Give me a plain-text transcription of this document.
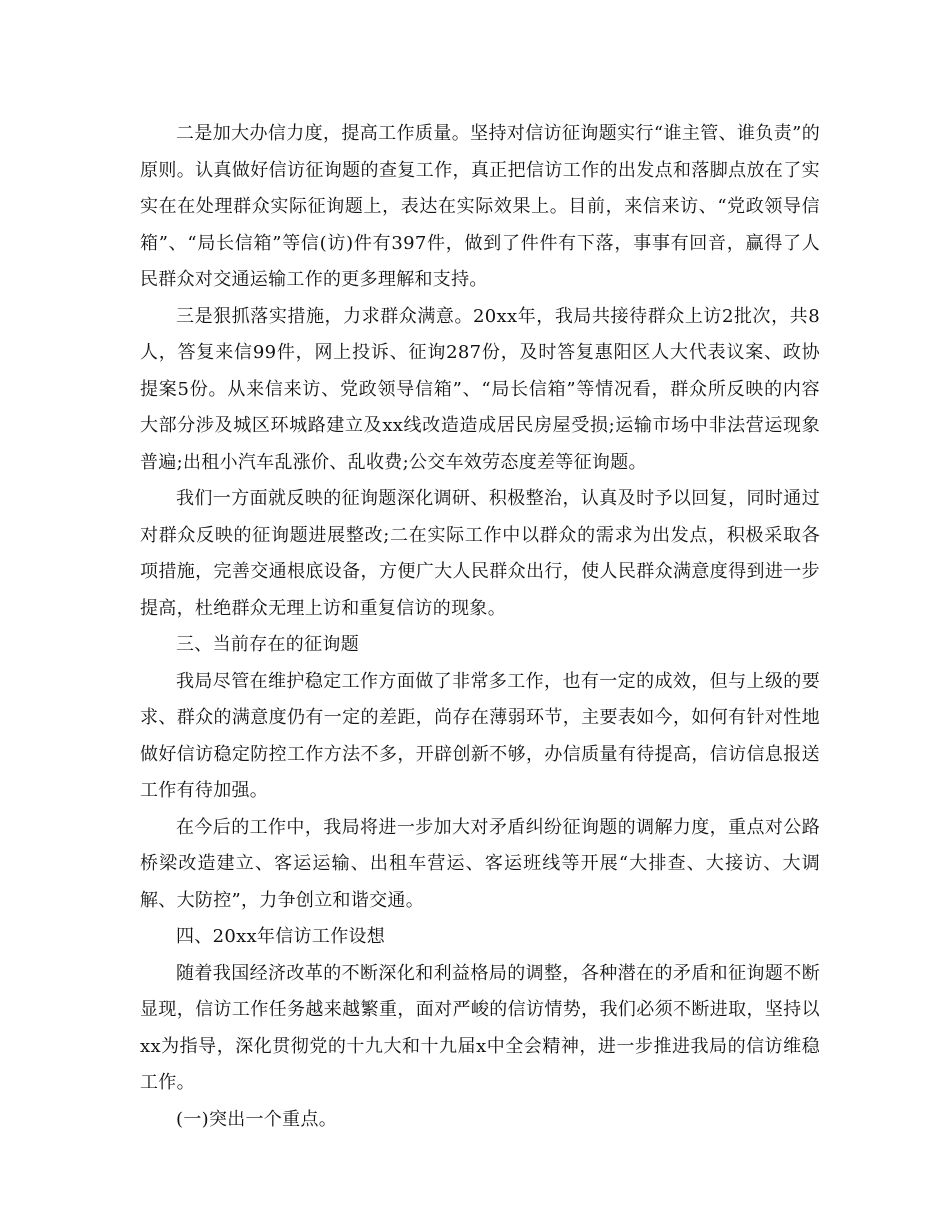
二是加大办信力度，提高工作质量。坚持对信访征询题实行“谁主管、谁负责”的原则。认真做好信访征询题的查复工作，真正把信访工作的出发点和落脚点放在了实实在在处理群众实际征询题上，表达在实际效果上。目前，来信来访、“党政领导信箱”、“局长信箱”等信(访)件有397件，做到了件件有下落，事事有回音，赢得了人民群众对交通运输工作的更多理解和支持。

三是狠抓落实措施，力求群众满意。20xx年，我局共接待群众上访2批次，共8人，答复来信99件，网上投诉、征询287份，及时答复惠阳区人大代表议案、政协提案5份。从来信来访、党政领导信箱”、“局长信箱”等情况看，群众所反映的内容大部分涉及城区环城路建立及xx线改造造成居民房屋受损;运输市场中非法营运现象普遍;出租小汽车乱涨价、乱收费;公交车效劳态度差等征询题。

我们一方面就反映的征询题深化调研、积极整治，认真及时予以回复，同时通过对群众反映的征询题进展整改;二在实际工作中以群众的需求为出发点，积极采取各项措施，完善交通根底设备，方便广大人民群众出行，使人民群众满意度得到进一步提高，杜绝群众无理上访和重复信访的现象。

三、当前存在的征询题

我局尽管在维护稳定工作方面做了非常多工作，也有一定的成效，但与上级的要求、群众的满意度仍有一定的差距，尚存在薄弱环节，主要表如今，如何有针对性地做好信访稳定防控工作方法不多，开辟创新不够，办信质量有待提高，信访信息报送工作有待加强。

在今后的工作中，我局将进一步加大对矛盾纠纷征询题的调解力度，重点对公路桥梁改造建立、客运运输、出租车营运、客运班线等开展“大排查、大接访、大调解、大防控”，力争创立和谐交通。

四、20xx年信访工作设想

随着我国经济改革的不断深化和利益格局的调整，各种潜在的矛盾和征询题不断显现，信访工作任务越来越繁重，面对严峻的信访情势，我们必须不断进取，坚持以xx为指导，深化贯彻党的十九大和十九届x中全会精神，进一步推进我局的信访维稳工作。

(一)突出一个重点。
